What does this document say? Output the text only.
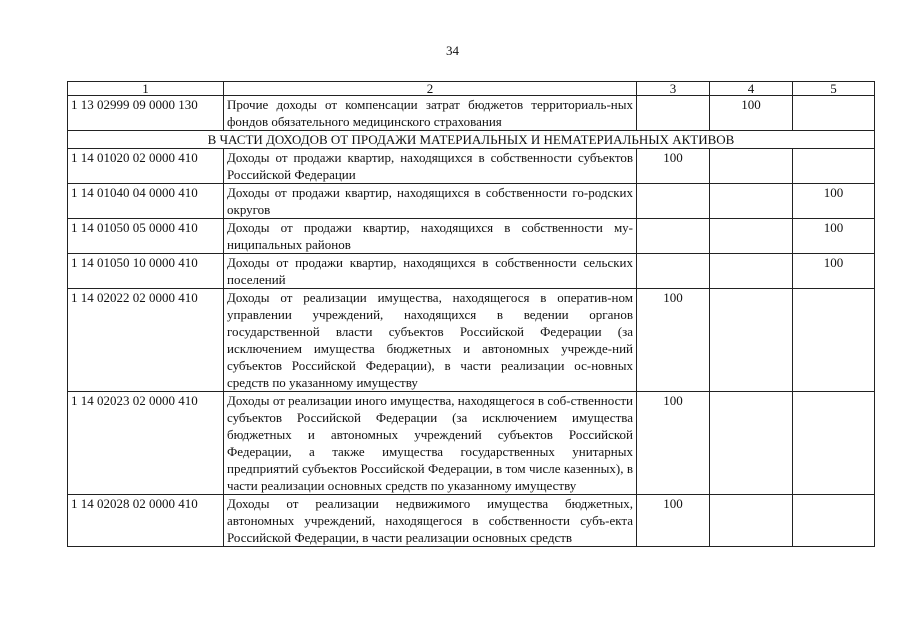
34
1	2	3	4	5
1 13 02999 09 0000 130	Прочие доходы от компенсации затрат бюджетов территориаль-ных фондов обязательного медицинского страхования		100	
В ЧАСТИ ДОХОДОВ ОТ ПРОДАЖИ МАТЕРИАЛЬНЫХ И НЕМАТЕРИАЛЬНЫХ АКТИВОВ				
1 14 01020 02 0000 410	Доходы от продажи квартир, находящихся в собственности субъектов Российской Федерации	100		
1 14 01040 04 0000 410	Доходы от продажи квартир, находящихся в собственности го-родских округов			100
1 14 01050 05 0000 410	Доходы от продажи квартир, находящихся в собственности му-ниципальных районов			100
1 14 01050 10 0000 410	Доходы от продажи квартир, находящихся в собственности сельских поселений			100
1 14 02022 02 0000 410	Доходы от реализации имущества, находящегося в оператив-ном управлении учреждений, находящихся в ведении органов государственной власти субъектов Российской Федерации (за исключением имущества бюджетных и автономных учрежде-ний субъектов Российской Федерации), в части реализации ос-новных средств по указанному имуществу	100		
1 14 02023 02 0000 410	Доходы от реализации иного имущества, находящегося в соб-ственности субъектов Российской Федерации (за исключением имущества бюджетных и автономных учреждений субъектов Российской Федерации, а также имущества государственных унитарных предприятий субъектов Российской Федерации, в том числе казенных), в части реализации основных средств по указанному имуществу	100		
1 14 02028 02 0000 410	Доходы от реализации недвижимого имущества бюджетных, автономных учреждений, находящегося в собственности субъ-екта Российской Федерации, в части реализации основных средств	100		
